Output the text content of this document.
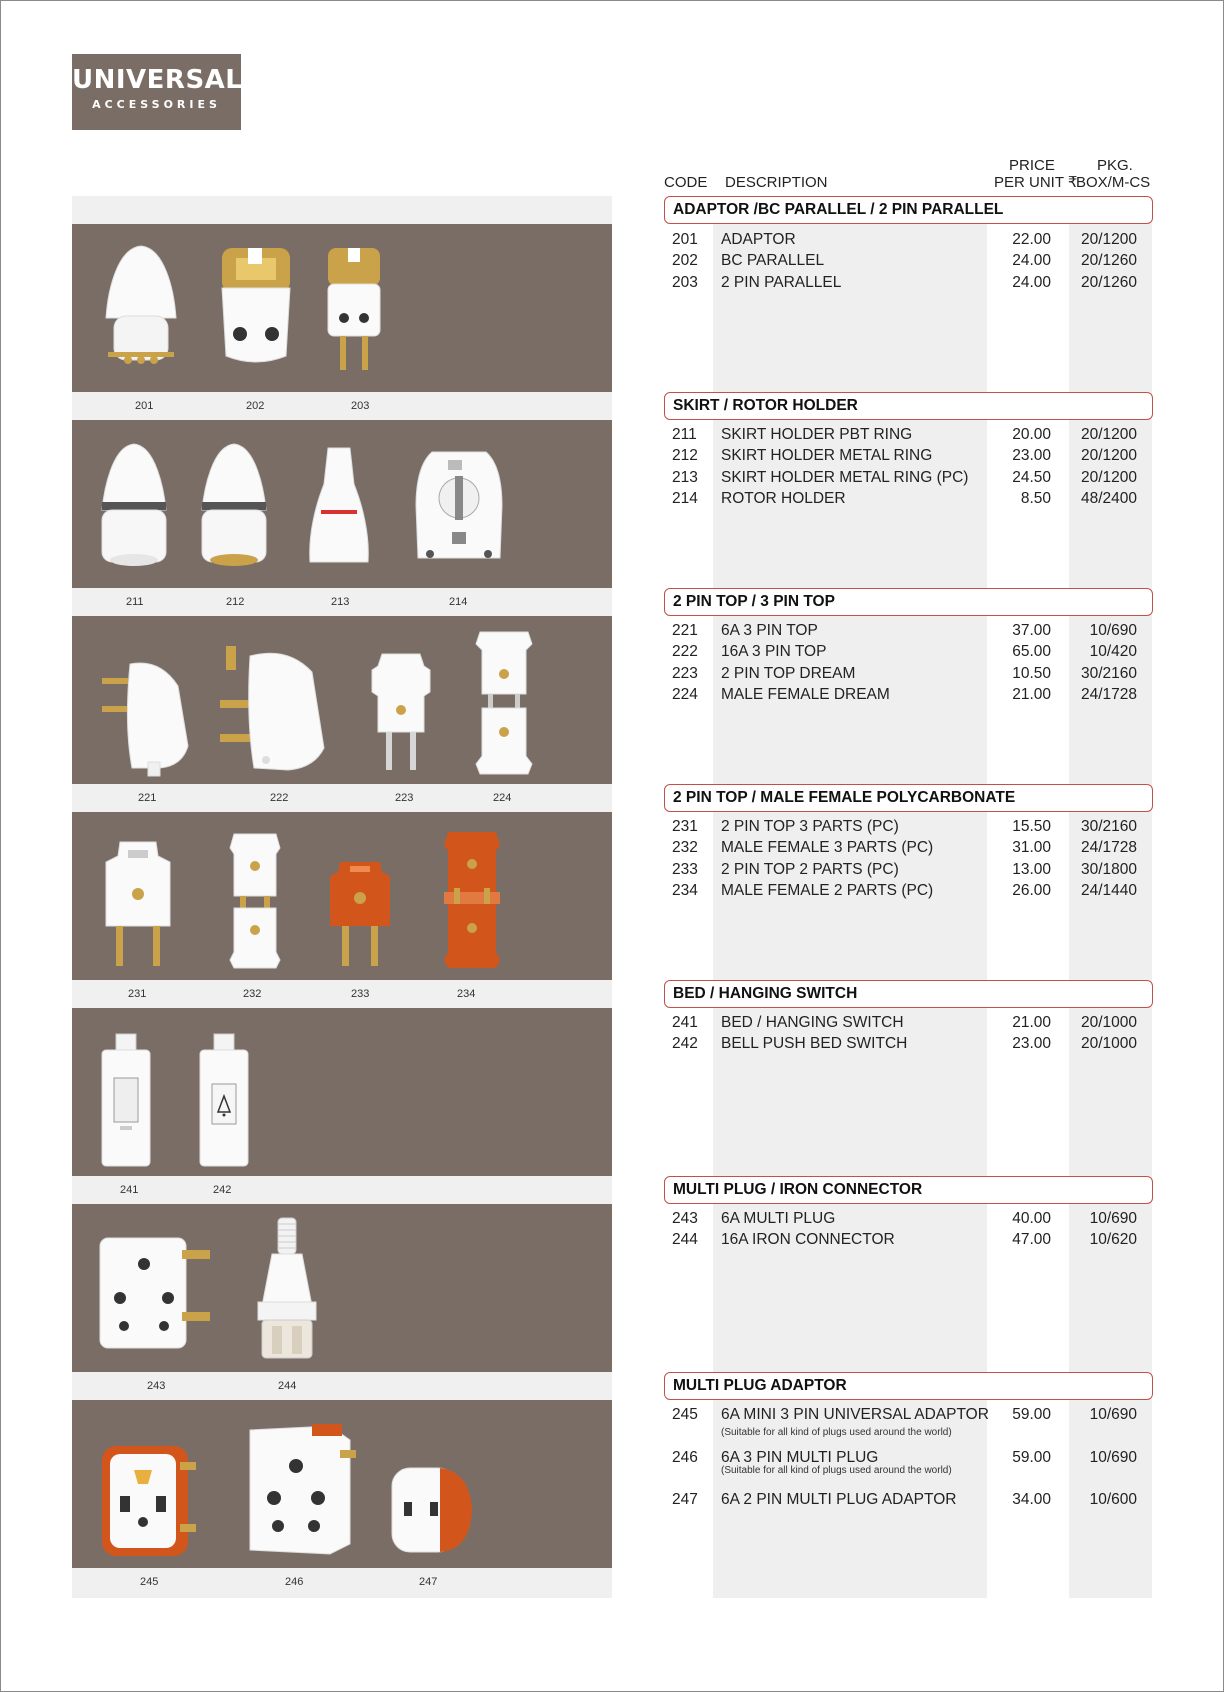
UNIVERSAL
ACCESSORIES
201	202	203
211	212	213	214
221	222	223	224
231	232	233	234
241	242
243	244
245	246	247
CODE DESCRIPTION
PRICE
PER UNIT ₹
PKG.
BOX/M-CS
ADAPTOR /BC PARALLEL / 2 PIN PARALLEL
201 ADAPTOR	22.00 20/1200
202 BC PARALLEL	24.00 20/1260
203 2 PIN PARALLEL	24.00 20/1260
SKIRT / ROTOR HOLDER
211 SKIRT HOLDER PBT RING	20.00 20/1200
212 SKIRT HOLDER METAL RING	23.00 20/1200
213 SKIRT HOLDER METAL RING (PC)	24.50 20/1200
214 ROTOR HOLDER	8.50 48/2400
2 PIN TOP / 3 PIN TOP
221 6A 3 PIN TOP	37.00 10/690
222 16A 3 PIN TOP	65.00 10/420
223 2 PIN TOP DREAM	10.50 30/2160
224 MALE FEMALE DREAM	21.00 24/1728
2 PIN TOP / MALE FEMALE POLYCARBONATE
231 2 PIN TOP 3 PARTS (PC)	15.50 30/2160
232 MALE FEMALE 3 PARTS (PC)	31.00 24/1728
233 2 PIN TOP 2 PARTS (PC)	13.00 30/1800
234 MALE FEMALE 2 PARTS (PC)	26.00 24/1440
BED / HANGING SWITCH
241 BED / HANGING SWITCH	21.00 20/1000
242 BELL PUSH BED SWITCH	23.00 20/1000
MULTI PLUG / IRON CONNECTOR
243 6A MULTI PLUG	40.00 10/690
244 16A IRON CONNECTOR	47.00 10/620
MULTI PLUG ADAPTOR
245 6A MINI 3 PIN UNIVERSAL ADAPTOR 59.00 10/690
(Suitable for all kind of plugs used around the world)
246 6A 3 PIN MULTI PLUG	59.00 10/690
(Suitable for all kind of plugs used around the world)
247 6A 2 PIN MULTI PLUG ADAPTOR	34.00 10/600
